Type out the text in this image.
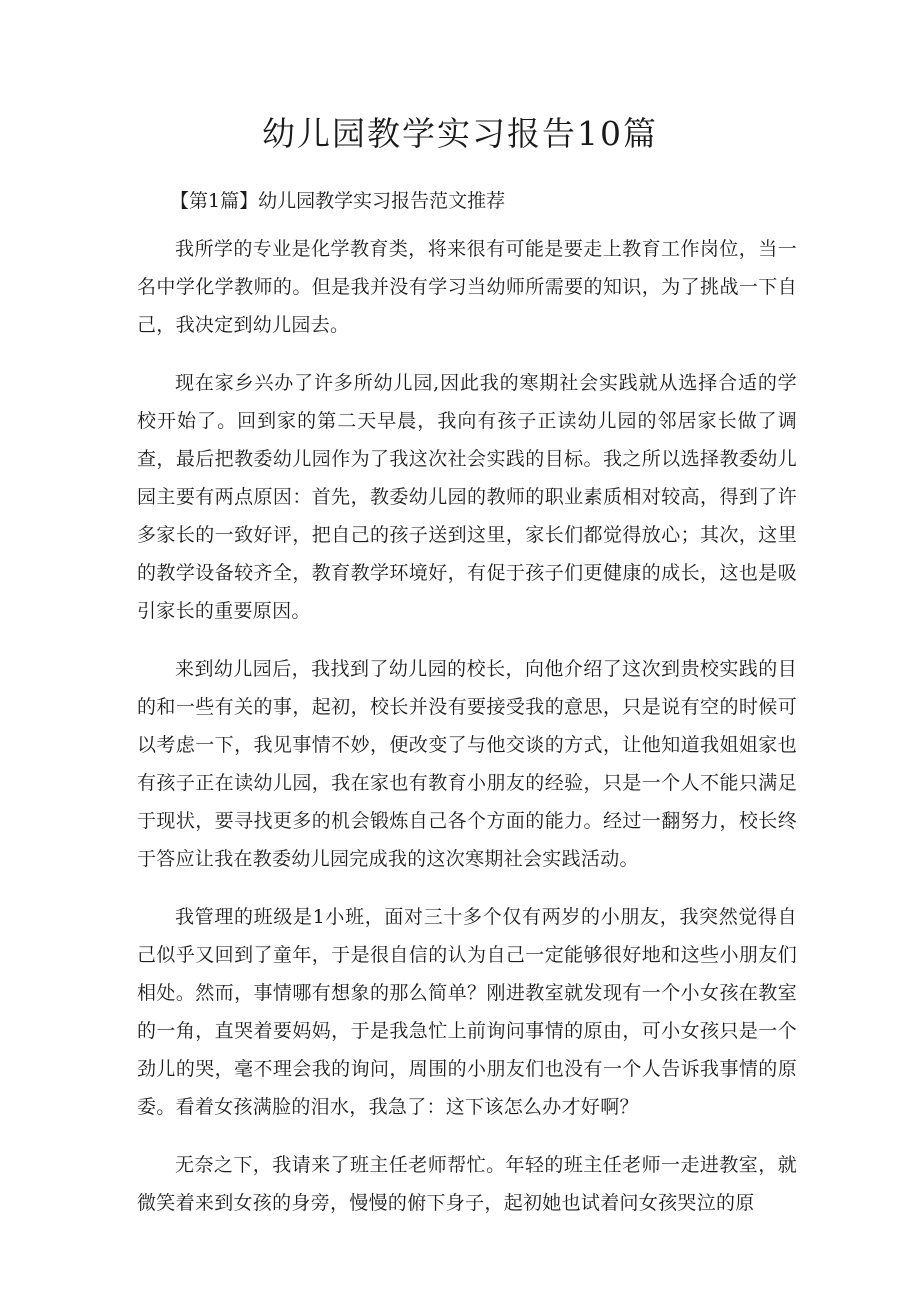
幼儿园教学实习报告10篇
【第1篇】幼儿园教学实习报告范文推荐

我所学的专业是化学教育类，将来很有可能是要走上教育工作岗位，当一名中学化学教师的。但是我并没有学习当幼师所需要的知识，为了挑战一下自己，我决定到幼儿园去。

现在家乡兴办了许多所幼儿园,因此我的寒期社会实践就从选择合适的学校开始了。回到家的第二天早晨，我向有孩子正读幼儿园的邻居家长做了调查，最后把教委幼儿园作为了我这次社会实践的目标。我之所以选择教委幼儿园主要有两点原因：首先，教委幼儿园的教师的职业素质相对较高，得到了许多家长的一致好评，把自己的孩子送到这里，家长们都觉得放心；其次，这里的教学设备较齐全，教育教学环境好，有促于孩子们更健康的成长，这也是吸引家长的重要原因。

来到幼儿园后，我找到了幼儿园的校长，向他介绍了这次到贵校实践的目的和一些有关的事，起初，校长并没有要接受我的意思，只是说有空的时候可以考虑一下，我见事情不妙，便改变了与他交谈的方式，让他知道我姐姐家也有孩子正在读幼儿园，我在家也有教育小朋友的经验，只是一个人不能只满足于现状，要寻找更多的机会锻炼自己各个方面的能力。经过一翻努力，校长终于答应让我在教委幼儿园完成我的这次寒期社会实践活动。

我管理的班级是1小班，面对三十多个仅有两岁的小朋友，我突然觉得自己似乎又回到了童年，于是很自信的认为自己一定能够很好地和这些小朋友们相处。然而，事情哪有想象的那么简单？刚进教室就发现有一个小女孩在教室的一角，直哭着要妈妈，于是我急忙上前询问事情的原由，可小女孩只是一个劲儿的哭，毫不理会我的询问，周围的小朋友们也没有一个人告诉我事情的原委。看着女孩满脸的泪水，我急了：这下该怎么办才好啊？

无奈之下，我请来了班主任老师帮忙。年轻的班主任老师一走进教室，就微笑着来到女孩的身旁，慢慢的俯下身子，起初她也试着问女孩哭泣的原
